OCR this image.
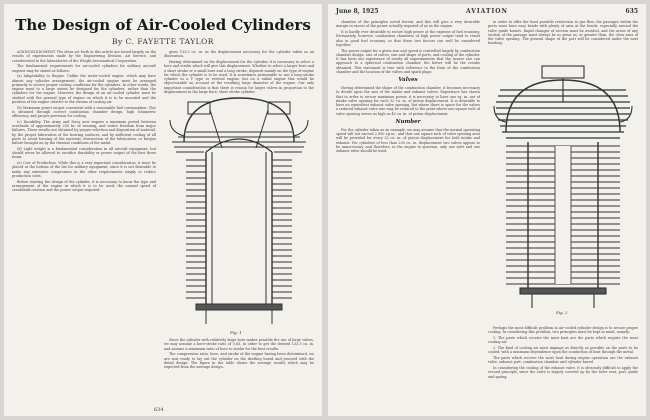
The Design of Air-Cooled Cylinders
By C. FAYETTE TAYLOR

ACKNOWLEDGMENT. The ideas set forth in this article are based largely on the results of experiments made by the Engineering Division, Air Service, and corroborated in the laboratories of the Wright Aeronautical Corporation.

The fundamental requirements for air-cooled cylinders for military aircraft engines may be stated as follows:

(a) Adaptability to Engine. Unlike the water-cooled engine, which may have almost any cylinder arrangement, the air-cooled engine must be arranged primarily to secure proper cooling conditions for the cylinders. In other words, the engine must to a large extent be designed for the cylinders, rather than the cylinders for the engine. However, the design of an air-cooled cylinder must be studied with the general type of engine on which it is to be mounted and the position of the engine relative to the stream of cooling air.

(b) Maximum power output consistent with a reasonable fuel consumption. This is obtained through correct combustion chamber design, high volumetric efficiency, and proper provision for cooling.

(c) Durability. The Army and Navy now require a minimum period between overhauls of approximately 200 hr. of running, and entire freedom from major failures. These results are obtained by proper selection and disposition of material, by the proper lubrication of the bearing surfaces, and by sufficient cooling of all parts to avoid burning of the material, destruction of the lubrication, or fatigue failure brought on by the thermal conditions of the metal.

(d) Light weight is a fundamental consideration in all aircraft equipment, but should never be allowed to sacrifice durability or power output of the first three items.

(e) Cost of Production. While this is a very important consideration, it must be placed at the bottom of the list for military equipment, since it is not desirable to make any extensive compromise in the other requirements simply to reduce production costs.

Before starting the design of the cylinder, it is necessary to know the type and arrangement of the engine in which it is to be used, the normal speed of crankshaft rotation and the power output required.

gives 133.3 cu. in. as the displacement necessary for the cylinder taken as an illustration.

Having determined on the displacement for the cylinder, it is necessary to select a bore and stroke which will give this displacement. Whether to select a larger bore and a short stroke or a small bore and a long stroke, depends mainly on the type of engine for which the cylinder is to be used. It is sometimes permissible to use a long stroke cylinder in a V type or vertical engine, but on a radial engine this would be objectionable on account of the resulting large diameter of the engine. Our only important consideration is that there is reason for larger valves in proportion to the displacement in the large bore, short stroke cylinder.

Fig. 1

Since the cylinder with relatively large bore makes possible the use of large valves, we may assume a bore-stroke ratio of 0.85, in order to get the desired 133.3 cu. in. and assume a maximum ratio of bore to stroke for the best results.

The compression ratio, bore, and stroke of the engine having been determined, we are now ready to lay out the cylinder on the drafting board and proceed with the detail design. The figure in the table shows the average results which may be expected from the average design.

634
June 8, 1925	AVIATION	635

chamber of the principles noted herein, and this will give a very desirable margin in excess of the power actually required of us as the engine.

It is hardly ever desirable to secure high power at the expense of fuel economy. Fortunately, however, combustion chambers of high power output tend to result also in good fuel economy, so that these two factors can well be considered together.

The power output for a given size and speed is controlled largely by combustion chamber design, size of valves, size and shape of ports, and cooling of the cylinder. It has been our experience of nearly all experimenters that the nearer one can approach to a spherical combustion chamber, the better will be the results obtained. This statement is true with reference to the form of the combustion chamber and the location of the valves and spark plugs.

Valves

Having determined the shape of the combustion chamber, it becomes necessary to decide upon the size of the intake and exhaust valves. Experience has shown that in order to secure maximum power, it is necessary to have one sq. in. net of intake valve opening for each 32 cu. in. of piston displacement. It is desirable to have an equivalent exhaust valve opening, but where there is space for the valves a reduced exhaust valve size may be reduced to the point where one square inch of valve opening serves as high as 40 cu. in. of piston displacement.

Number

For the cylinder taken as an example, we may assume that the normal operating speed will not exceed 2,000 r.p.m., and that one square inch of valve opening area will be provided for every 32 cu. in. of piston displacement for both intake and exhaust. For cylinders of less than 200 cu. in. displacement two valves appear to be unnecessary, and therefore, in the engine in question, only one inlet and one exhaust valve should be used.

in order to offer the least possible restriction to gas flow, the passages within the ports must have easy bends with plenty of area at the bends, especially around the valve guide bosses. Rapid changes of section must be avoided, and the areas of any section of the passage must always be as great as, or greater than, the clear area of the valve opening. The general shape of the port will be considered under the next heading.

Fig. 2

Perhaps the most difficult problem in air-cooled cylinder design is to secure proper cooling. In considering this problem, two principles must be kept in mind, namely:

1. The parts which receive the most heat are the parts which require the most cooling air.

2. The kind of cooling air must impinge as directly as possible on the parts to be cooled, with a minimum dependence upon the conduction of heat through the metal.

The parts which receive the most heat during engine operation are the exhaust valve, exhaust port, combustion chamber and cylinder barrel.

In considering the cooling of the exhaust valve, it is obviously difficult to apply the second principle, since the valve is largely covered up by the valve seat, port, guide and spring.
